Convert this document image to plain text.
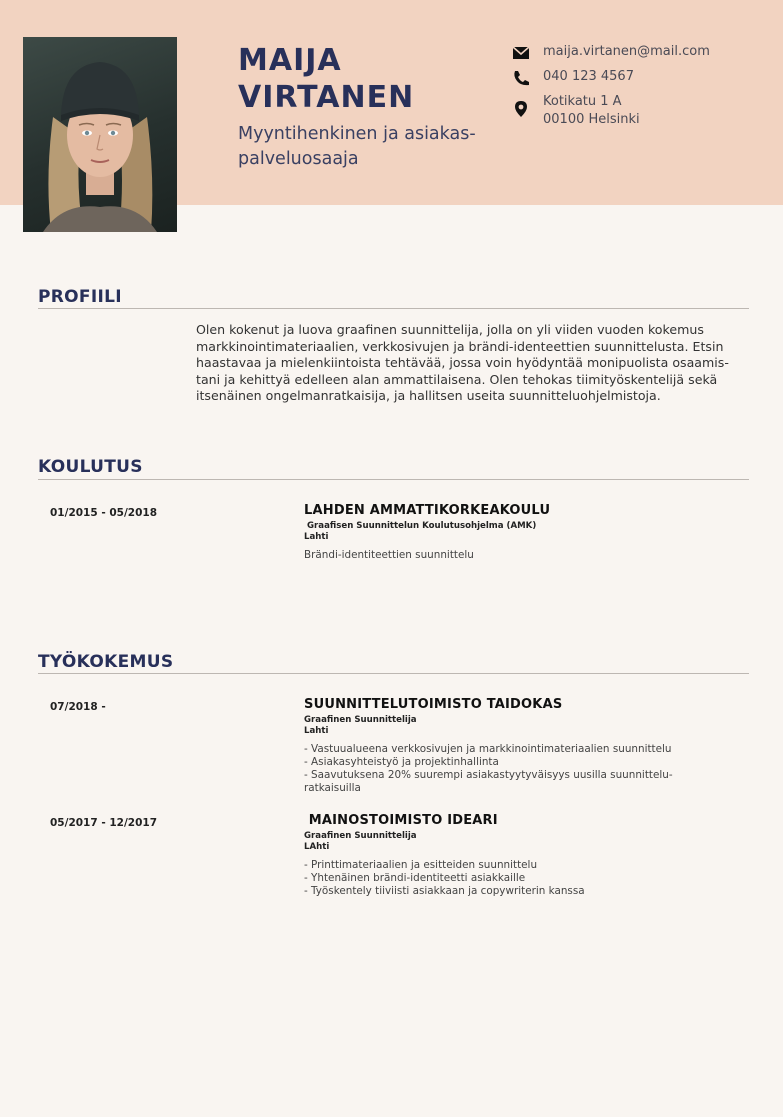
MAIJA
VIRTANEN
Myyntihenkinen ja asiakas-
palveluosaaja
maija.virtanen@mail.com
040 123 4567
Kotikatu 1 A
00100 Helsinki
PROFIILI
Olen kokenut ja luova graafinen suunnittelija, jolla on yli viiden vuoden kokemus
markkinointimateriaalien, verkkosivujen ja brändi-identeettien suunnittelusta. Etsin
haastavaa ja mielenkiintoista tehtävää, jossa voin hyödyntää monipuolista osaamis-
tani ja kehittyä edelleen alan ammattilaisena. Olen tehokas tiimityöskentelijä sekä
itsenäinen ongelmanratkaisija, ja hallitsen useita suunnitteluohjelmistoja.
KOULUTUS
01/2015 - 05/2018	LAHDEN AMMATTIKORKEAKOULU
Graafisen Suunnittelun Koulutusohjelma (AMK)
Lahti
Brändi-identiteettien suunnittelu
TYÖKOKEMUS
07/2018 -	SUUNNITTELUTOIMISTO TAIDOKAS
Graafinen Suunnittelija
Lahti
- Vastuualueena verkkosivujen ja markkinointimateriaalien suunnittelu
- Asiakasyhteistyö ja projektinhallinta
- Saavutuksena 20% suurempi asiakastyytyväisyys uusilla suunnittelu-
ratkaisuilla
05/2017 - 12/2017	MAINOSTOIMISTO IDEARI
Graafinen Suunnittelija
LAhti
- Printtimateriaalien ja esitteiden suunnittelu
- Yhtenäinen brändi-identiteetti asiakkaille
- Työskentely tiiviisti asiakkaan ja copywriterin kanssa
